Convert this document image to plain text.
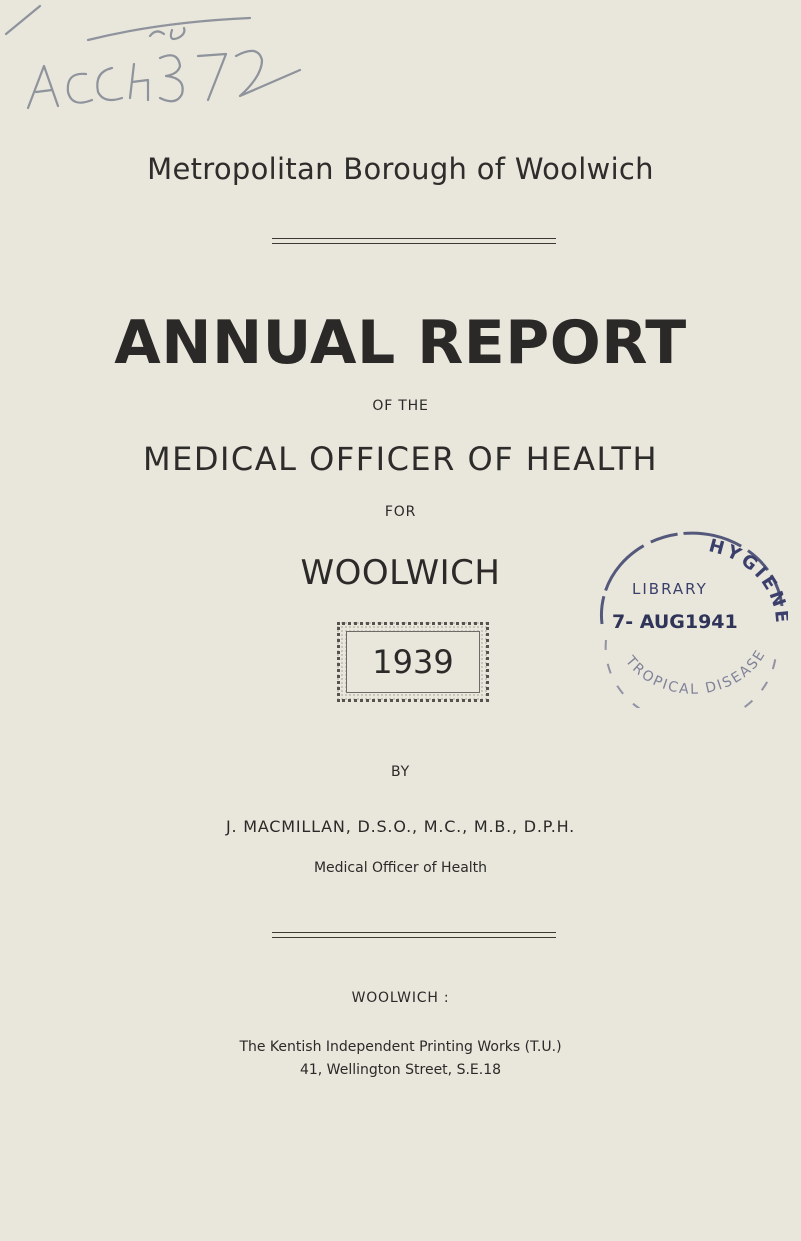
Metropolitan Borough of Woolwich
ANNUAL REPORT
OF THE
MEDICAL OFFICER OF HEALTH
FOR
WOOLWICH
1939
HYGIEN
LIBRARY
7- AUG1941
TROPICAL DISEASE
BY
J. MACMILLAN, D.S.O., M.C., M.B., D.P.H.
Medical Officer of Health
WOOLWICH :
The Kentish Independent Printing Works (T.U.)
41, Wellington Street, S.E.18
